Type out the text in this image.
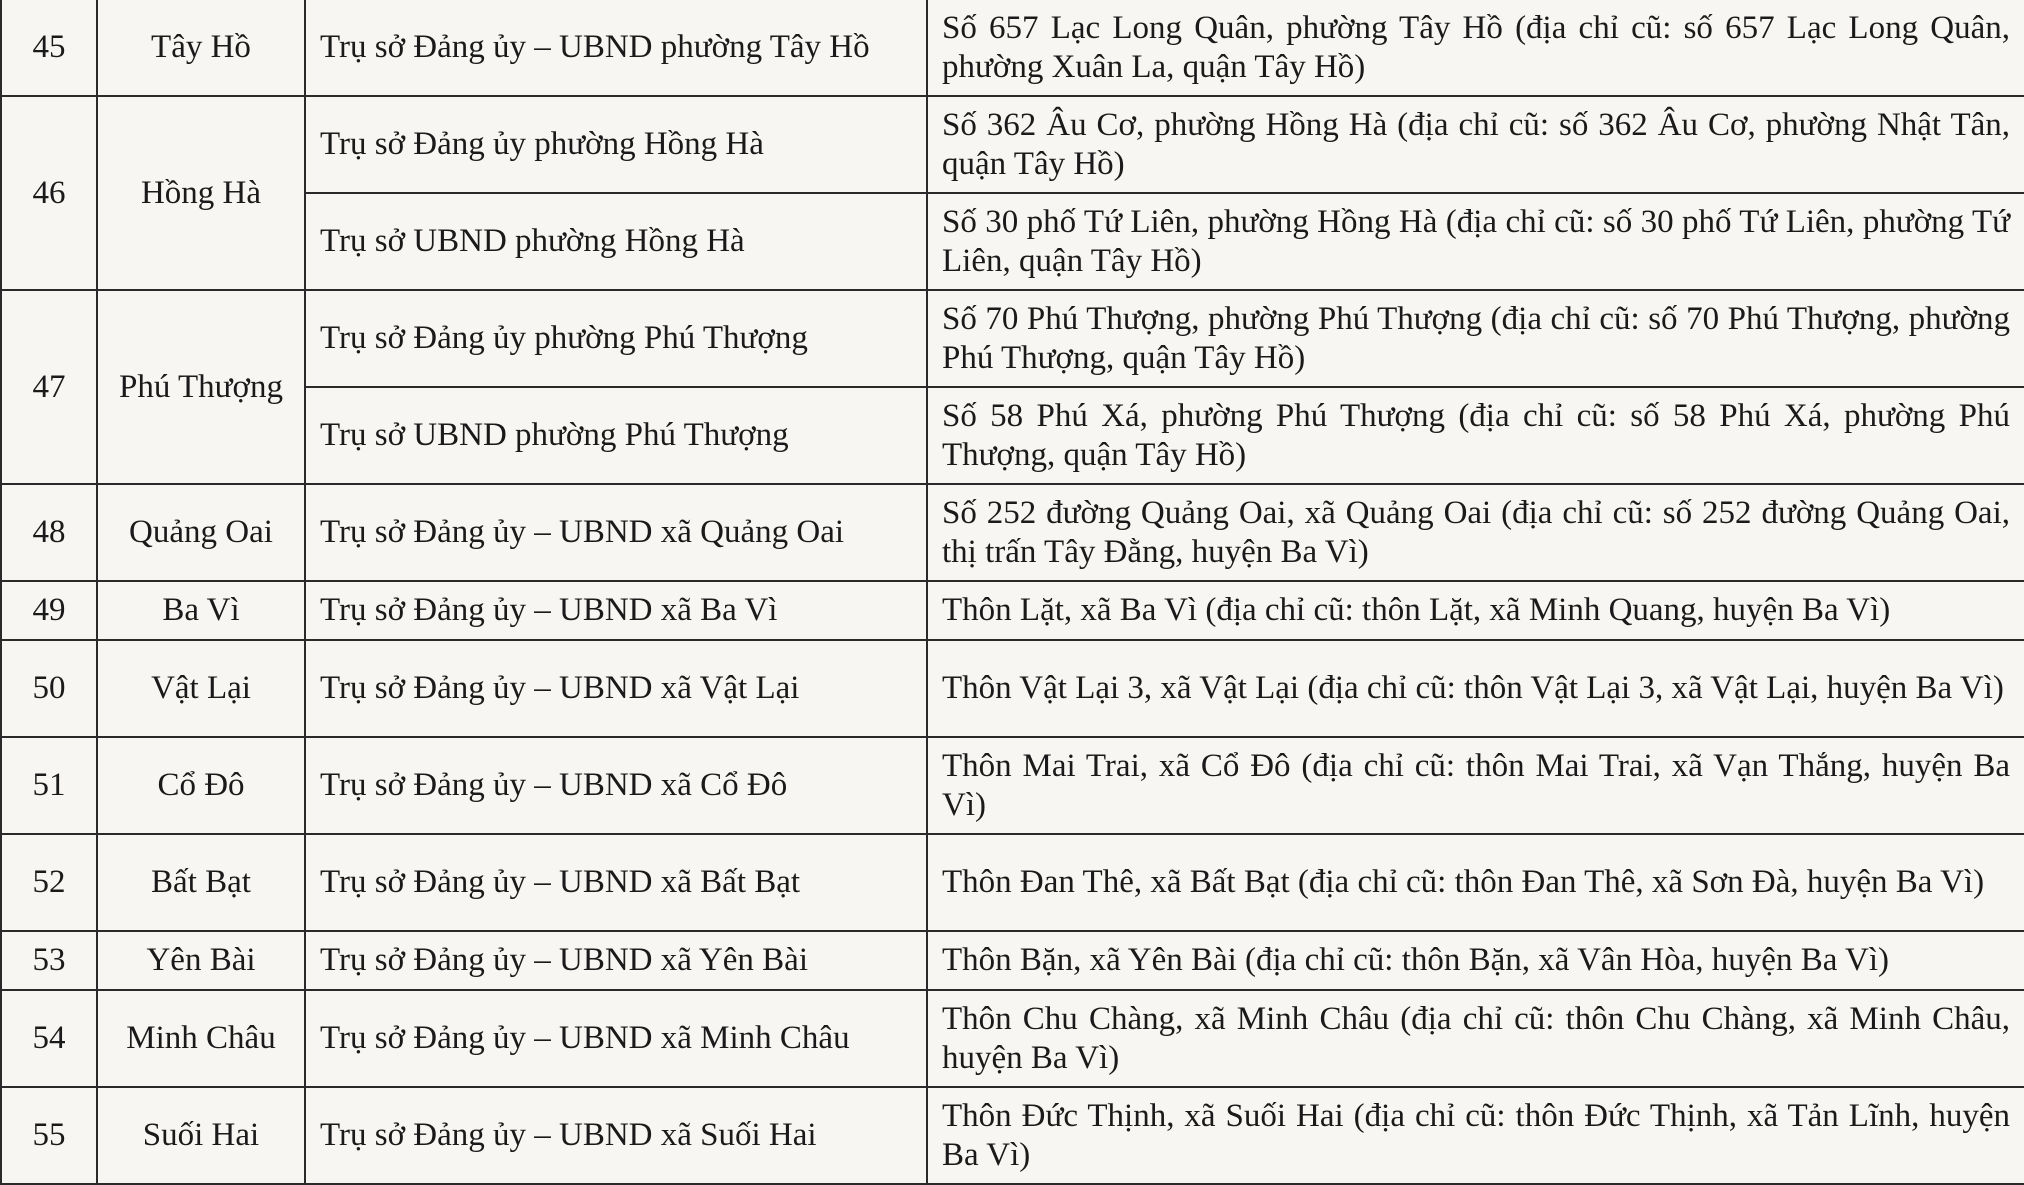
45	Tây Hồ	Trụ sở Đảng ủy – UBND phường Tây Hồ	Số 657 Lạc Long Quân, phường Tây Hồ (địa chỉ cũ: số 657 Lạc Long Quân, phường Xuân La, quận Tây Hồ)
46	Hồng Hà	Trụ sở Đảng ủy phường Hồng Hà	Số 362 Âu Cơ, phường Hồng Hà (địa chỉ cũ: số 362 Âu Cơ, phường Nhật Tân, quận Tây Hồ)
		Trụ sở UBND phường Hồng Hà	Số 30 phố Tứ Liên, phường Hồng Hà (địa chỉ cũ: số 30 phố Tứ Liên, phường Tứ Liên, quận Tây Hồ)
47	Phú Thượng	Trụ sở Đảng ủy phường Phú Thượng	Số 70 Phú Thượng, phường Phú Thượng (địa chỉ cũ: số 70 Phú Thượng, phường Phú Thượng, quận Tây Hồ)
		Trụ sở UBND phường Phú Thượng	Số 58 Phú Xá, phường Phú Thượng (địa chỉ cũ: số 58 Phú Xá, phường Phú Thượng, quận Tây Hồ)
48	Quảng Oai	Trụ sở Đảng ủy – UBND xã Quảng Oai	Số 252 đường Quảng Oai, xã Quảng Oai (địa chỉ cũ: số 252 đường Quảng Oai, thị trấn Tây Đằng, huyện Ba Vì)
49	Ba Vì	Trụ sở Đảng ủy – UBND xã Ba Vì	Thôn Lặt, xã Ba Vì (địa chỉ cũ: thôn Lặt, xã Minh Quang, huyện Ba Vì)
50	Vật Lại	Trụ sở Đảng ủy – UBND xã Vật Lại	Thôn Vật Lại 3, xã Vật Lại (địa chỉ cũ: thôn Vật Lại 3, xã Vật Lại, huyện Ba Vì)
51	Cổ Đô	Trụ sở Đảng ủy – UBND xã Cổ Đô	Thôn Mai Trai, xã Cổ Đô (địa chỉ cũ: thôn Mai Trai, xã Vạn Thắng, huyện Ba Vì)
52	Bất Bạt	Trụ sở Đảng ủy – UBND xã Bất Bạt	Thôn Đan Thê, xã Bất Bạt (địa chỉ cũ: thôn Đan Thê, xã Sơn Đà, huyện Ba Vì)
53	Yên Bài	Trụ sở Đảng ủy – UBND xã Yên Bài	Thôn Bặn, xã Yên Bài (địa chỉ cũ: thôn Bặn, xã Vân Hòa, huyện Ba Vì)
54	Minh Châu	Trụ sở Đảng ủy – UBND xã Minh Châu	Thôn Chu Chàng, xã Minh Châu (địa chỉ cũ: thôn Chu Chàng, xã Minh Châu, huyện Ba Vì)
55	Suối Hai	Trụ sở Đảng ủy – UBND xã Suối Hai	Thôn Đức Thịnh, xã Suối Hai (địa chỉ cũ: thôn Đức Thịnh, xã Tản Lĩnh, huyện Ba Vì)
